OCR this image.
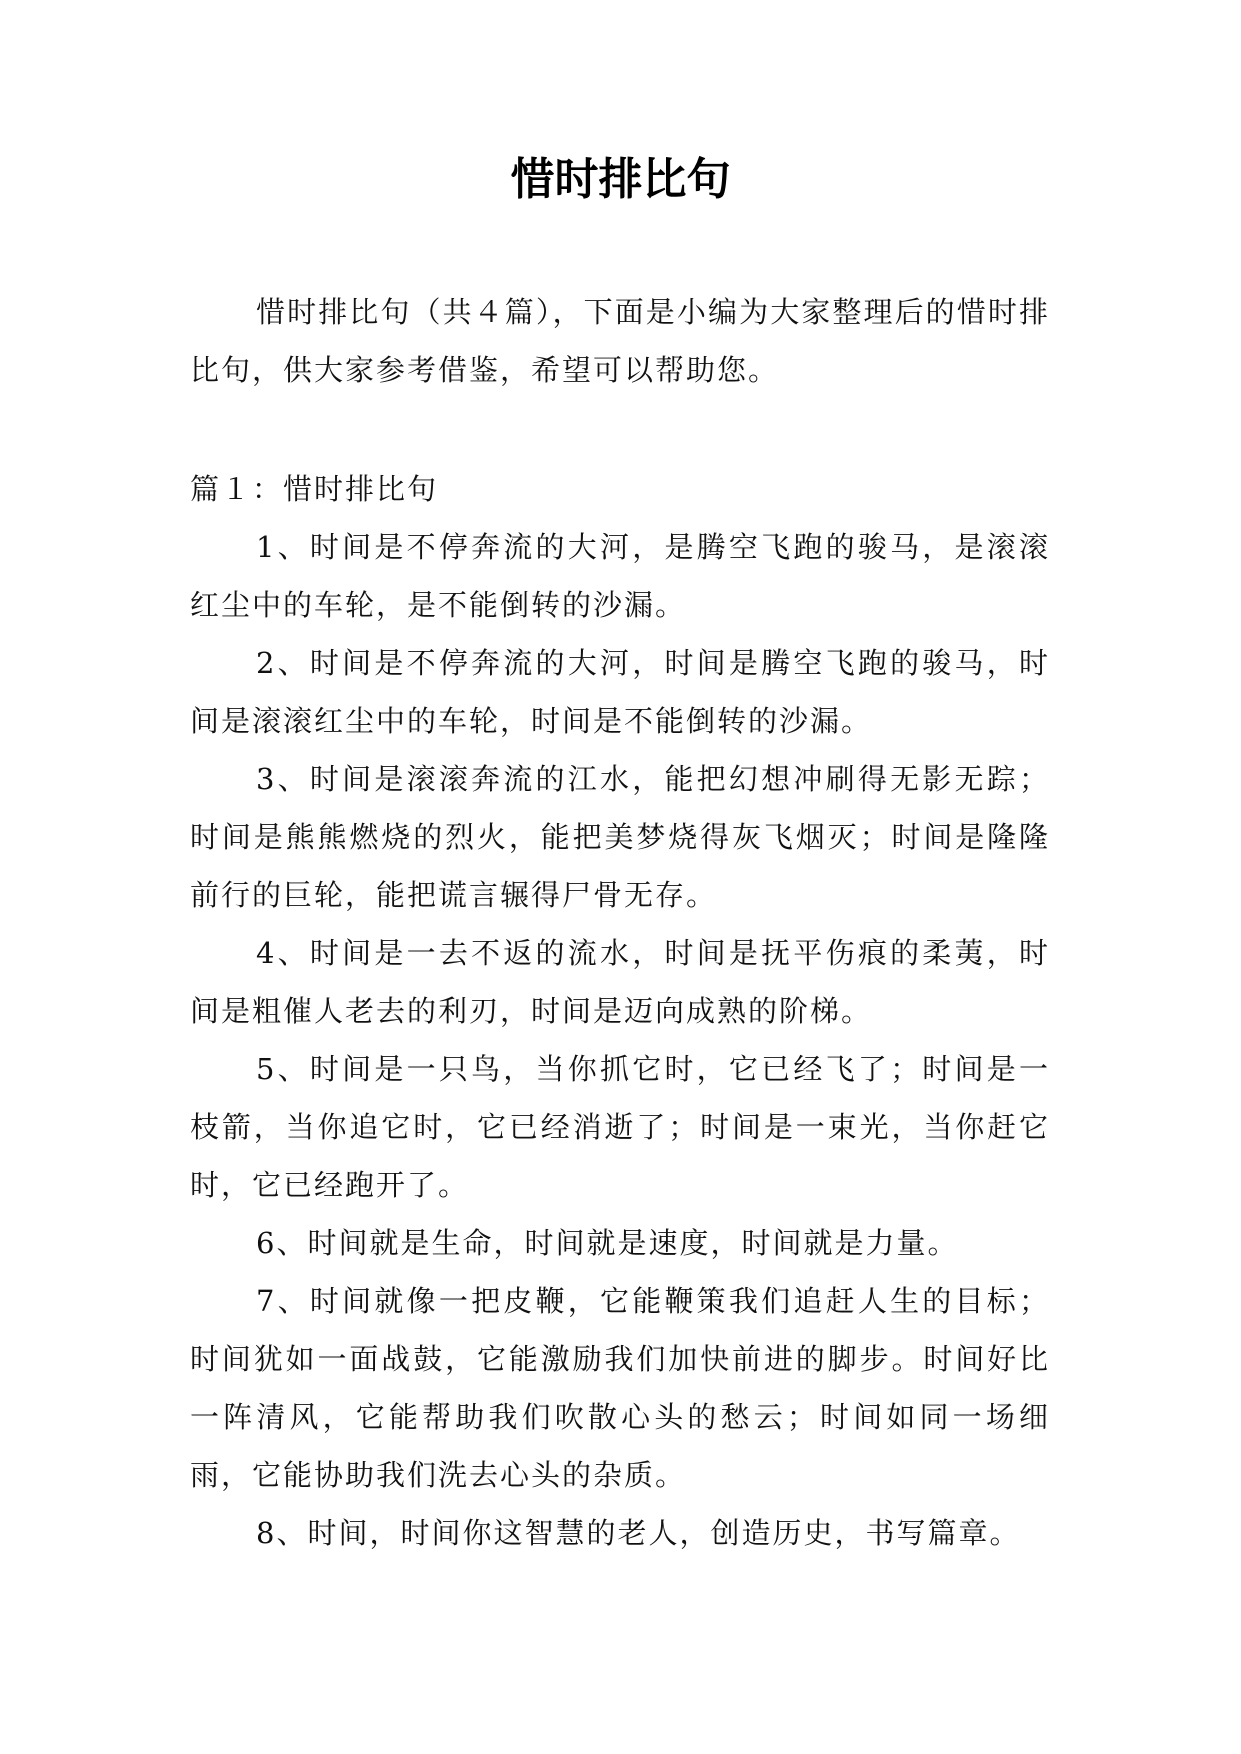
惜时排比句

惜时排比句（共４篇），下面是小编为大家整理后的惜时排比句，供大家参考借鉴，希望可以帮助您。

篇１：惜时排比句

1、时间是不停奔流的大河，是腾空飞跑的骏马，是滚滚红尘中的车轮，是不能倒转的沙漏。

2、时间是不停奔流的大河，时间是腾空飞跑的骏马，时间是滚滚红尘中的车轮，时间是不能倒转的沙漏。

3、时间是滚滚奔流的江水，能把幻想冲刷得无影无踪；时间是熊熊燃烧的烈火，能把美梦烧得灰飞烟灭；时间是隆隆前行的巨轮，能把谎言辗得尸骨无存。

4、时间是一去不返的流水，时间是抚平伤痕的柔荑，时间是粗催人老去的利刃，时间是迈向成熟的阶梯。

5、时间是一只鸟，当你抓它时，它已经飞了；时间是一枝箭，当你追它时，它已经消逝了；时间是一束光，当你赶它时，它已经跑开了。

6、时间就是生命，时间就是速度，时间就是力量。

7、时间就像一把皮鞭，它能鞭策我们追赶人生的目标；时间犹如一面战鼓，它能激励我们加快前进的脚步。时间好比一阵清风，它能帮助我们吹散心头的愁云；时间如同一场细雨，它能协助我们洗去心头的杂质。

8、时间，时间你这智慧的老人，创造历史，书写篇章。
